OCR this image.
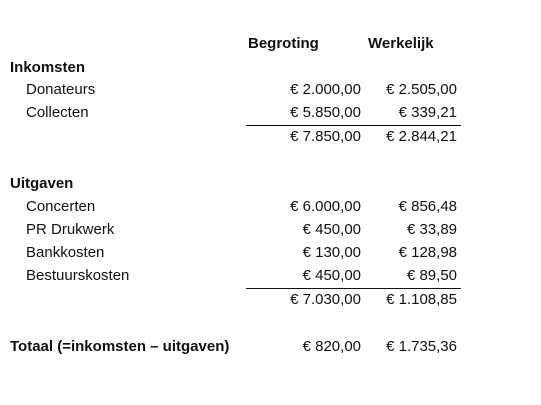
Begroting	Werkelijk
Inkomsten
Donateurs	€ 2.000,00 € 2.505,00
Collecten	€ 5.850,00	€ 339,21
€ 7.850,00 € 2.844,21
Uitgaven
Concerten	€ 6.000,00	€ 856,48
PR Drukwerk	€ 450,00	€ 33,89
Bankkosten	€ 130,00	€ 128,98
Bestuurskosten	€ 450,00	€ 89,50
€ 7.030,00 € 1.108,85
Totaal (=inkomsten – uitgaven)	€ 820,00 € 1.735,36
